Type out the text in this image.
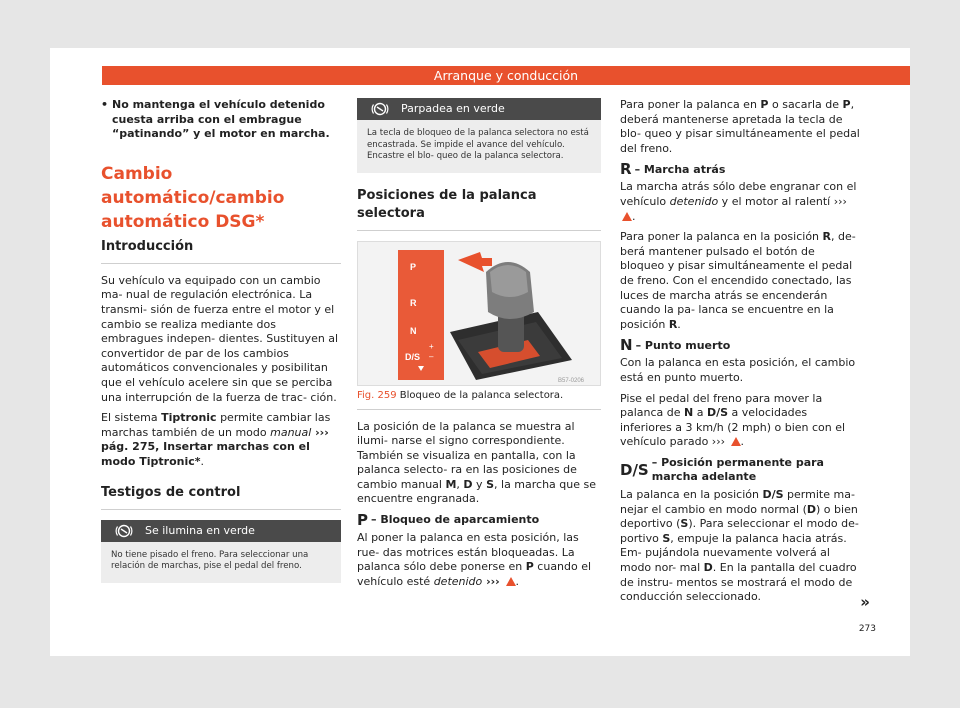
Arranque y conducción
• No mantenga el vehículo detenido cuesta arriba con el embrague “patinando” y el motor en marcha.
Cambio automático/cambio automático DSG*
Introducción

Su vehículo va equipado con un cambio ma- nual de regulación electrónica. La transmi- sión de fuerza entre el motor y el cambio se realiza mediante dos embragues indepen- dientes. Sustituyen al convertidor de par de los cambios automáticos convencionales y posibilitan que el vehículo acelere sin que se perciba una interrupción de la fuerza de trac- ción.

El sistema Tiptronic permite cambiar las marchas también de un modo manual ››› pág. 275, Insertar marchas con el modo Tiptronic*.

Testigos de control
Se ilumina en verde
No tiene pisado el freno. Para seleccionar una relación de marchas, pise el pedal del freno.
Parpadea en verde
La tecla de bloqueo de la palanca selectora no está encastrada. Se impide el avance del vehículo. Encastre el blo- queo de la palanca selectora.
Posiciones de la palanca selectora
P
R
N
D/S
+
–
B57-0206
Fig. 259 Bloqueo de la palanca selectora.

La posición de la palanca se muestra al ilumi- narse el signo correspondiente. También se visualiza en pantalla, con la palanca selecto- ra en las posiciones de cambio manual M, D y S, la marcha que se encuentre engranada.

P – Bloqueo de aparcamiento

Al poner la palanca en esta posición, las rue- das motrices están bloqueadas. La palanca sólo debe ponerse en P cuando el vehículo esté detenido ››› .

Para poner la palanca en P o sacarla de P, deberá mantenerse apretada la tecla de blo- queo y pisar simultáneamente el pedal del freno.

R – Marcha atrás

La marcha atrás sólo debe engranar con el vehículo detenido y el motor al ralentí ››› .

Para poner la palanca en la posición R, de- berá mantener pulsado el botón de bloqueo y pisar simultáneamente el pedal de freno. Con el encendido conectado, las luces de marcha atrás se encenderán cuando la pa- lanca se encuentre en la posición R.

N – Punto muerto

Con la palanca en esta posición, el cambio está en punto muerto.

Pise el pedal del freno para mover la palanca de N a D/S a velocidades inferiores a 3 km/h (2 mph) o bien con el vehículo parado ››› .

D/S – Posición permanente para marcha adelante

La palanca en la posición D/S permite ma- nejar el cambio en modo normal (D) o bien deportivo (S). Para seleccionar el modo de- portivo S, empuje la palanca hacia atrás. Em- pujándola nuevamente volverá al modo nor- mal D. En la pantalla del cuadro de instru- mentos se mostrará el modo de conducción seleccionado.	»
273
